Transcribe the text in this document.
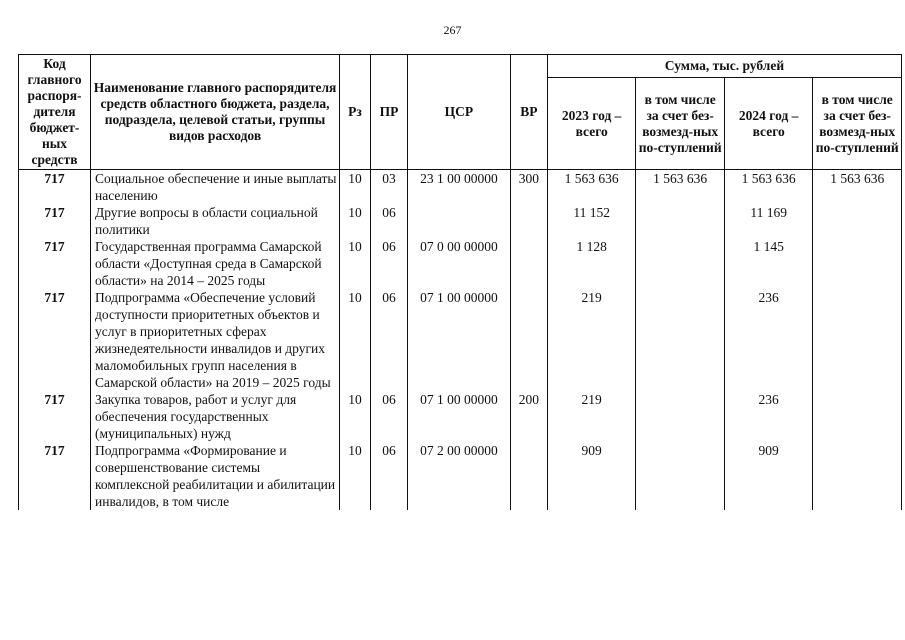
267
Код главного распоря-дителя бюджет-ных средств	Наименование главного распорядителя средств областного бюджета, раздела, подраздела, целевой статьи, группы видов расходов	Рз	ПР	ЦСР	ВР	Сумма, тыс. рублей			
						2023 год – всего	в том числе за счет без-возмезд-ных по-ступлений	2024 год – всего	в том числе за счет без-возмезд-ных по-ступлений
717	Социальное обеспечение и иные выплаты населению	10	03	23 1 00 00000	300	1 563 636	1 563 636	1 563 636	1 563 636
717	Другие вопросы в области социальной политики	10	06			11 152		11 169	
717	Государственная программа Самарской области «Доступная среда в Самарской области» на 2014 – 2025 годы	10	06	07 0 00 00000		1 128		1 145	
717	Подпрограмма «Обеспечение условий доступности приоритетных объектов и услуг в приоритетных сферах жизнедеятельности инвалидов и других маломобильных групп населения в Самарской области» на 2019 – 2025 годы	10	06	07 1 00 00000		219		236	
717	Закупка товаров, работ и услуг для обеспечения государственных (муниципальных) нужд	10	06	07 1 00 00000	200	219		236	
717	Подпрограмма «Формирование и совершенствование системы комплексной реабилитации и абилитации инвалидов, в том числе	10	06	07 2 00 00000		909		909	
